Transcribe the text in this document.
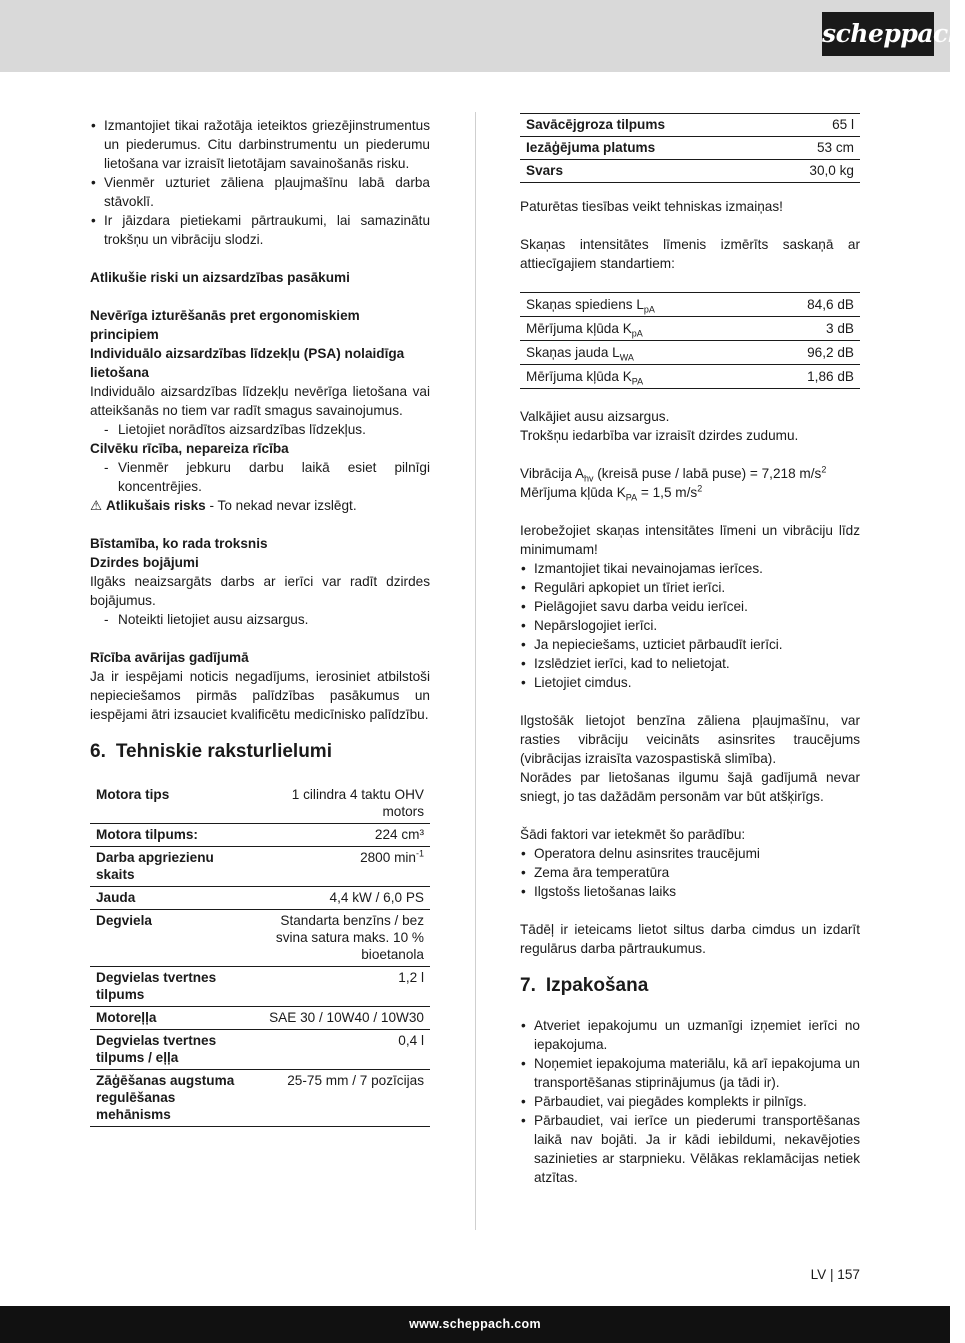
scheppach
• Izmantojiet tikai ražotāja ieteiktos griezējinstrumentus un piederumus. Citu darbinstrumentu un piederumu lietošana var izraisīt lietotājam savainošanās risku.
• Vienmēr uzturiet zāliena pļaujmašīnu labā darba stāvoklī.
• Ir jāizdara pietiekami pārtraukumi, lai samazinātu trokšņu un vibrāciju slodzi.

Atlikušie riski un aizsardzības pasākumi

Nevērīga izturēšanās pret ergonomiskiem principiem

Individuālo aizsardzības līdzekļu (PSA) nolaidīga lietošana

Individuālo aizsardzības līdzekļu nevērīga lietošana vai atteikšanās no tiem var radīt smagus savainojumus.

- Lietojiet norādītos aizsardzības līdzekļus.

Cilvēku rīcība, nepareiza rīcība

- Vienmēr jebkuru darbu laikā esiet pilnīgi koncentrējies.

⚠ Atlikušais risks - To nekad nevar izslēgt.

Bīstamība, ko rada troksnis

Dzirdes bojājumi

Ilgāks neaizsargāts darbs ar ierīci var radīt dzirdes bojājumus.

- Noteikti lietojiet ausu aizsargus.

Rīcība avārijas gadījumā

Ja ir iespējami noticis negadījums, ierosiniet atbilstoši nepieciešamos pirmās palīdzības pasākumus un iespējami ātri izsauciet kvalificētu medicīnisko palīdzību.

6. Tehniskie raksturlielumi
Motora tips	1 cilindra 4 taktu OHV motors
Motora tilpums:	224 cm³
Darba apgriezienu skaits	2800 $\min^{-1}$
Jauda	4,4 kW / 6,0 PS
Degviela	Standarta benzīns / bez svina satura maks. 10 % bioetanola
Degvielas tvertnes tilpums	1,2 l
Motoreļļa	SAE 30 / 10W40 / 10W30
Degvielas tvertnes tilpums / eļļa	0,4 l
Zāģēšanas augstuma regulēšanas mehānisms	25-75 mm / 7 pozīcijas
Savācējgroza tilpums	65 l
Iezāģējuma platums	53 cm
Svars	30,0 kg

Paturētas tiesības veikt tehniskas izmaiņas!

Skaņas intensitātes līmenis izmērīts saskaņā ar attiecīgajiem standartiem:

Skaņas spiediens $L_{pA}$	84,6 dB
Mērījuma kļūda $K_{pA}$	3 dB
Skaņas jauda $L_{WA}$	96,2 dB
Mērījuma kļūda $K_{PA}$	1,86 dB

Valkājiet ausu aizsargus.

Trokšņu iedarbība var izraisīt dzirdes zudumu.

Vibrācija $A_{hv}$ (kreisā puse / labā puse) = 7,218 $m/s^2$

Mērījuma kļūda $K_{PA} = 1,5$ $m/s^2$

Ierobežojiet skaņas intensitātes līmeni un vibrāciju līdz minimumam!

• Izmantojiet tikai nevainojamas ierīces.
• Regulāri apkopiet un tīriet ierīci.
• Pielāgojiet savu darba veidu ierīcei.
• Nepārslogojiet ierīci.
• Ja nepieciešams, uzticiet pārbaudīt ierīci.
• Izslēdziet ierīci, kad to nelietojat.
• Lietojiet cimdus.

Ilgstošāk lietojot benzīna zāliena pļaujmašīnu, var rasties vibrāciju veicināts asinsrites traucējums (vibrācijas izraisīta vazospastiskā slimība).

Norādes par lietošanas ilgumu šajā gadījumā nevar sniegt, jo tas dažādām personām var būt atšķirīgs.

Šādi faktori var ietekmēt šo parādību:

• Operatora delnu asinsrites traucējumi
• Zema āra temperatūra
• Ilgstošs lietošanas laiks

Tādēļ ir ieteicams lietot siltus darba cimdus un izdarīt regulārus darba pārtraukumus.

7. Izpakošana
• Atveriet iepakojumu un uzmanīgi izņemiet ierīci no iepakojuma.
• Noņemiet iepakojuma materiālu, kā arī iepakojuma un transportēšanas stiprinājumus (ja tādi ir).
• Pārbaudiet, vai piegādes komplekts ir pilnīgs.
• Pārbaudiet, vai ierīce un piederumi transportēšanas laikā nav bojāti. Ja ir kādi iebildumi, nekavējoties sazinieties ar starpnieku. Vēlākas reklamācijas netiek atzītas.
LV | 157
www.scheppach.com
